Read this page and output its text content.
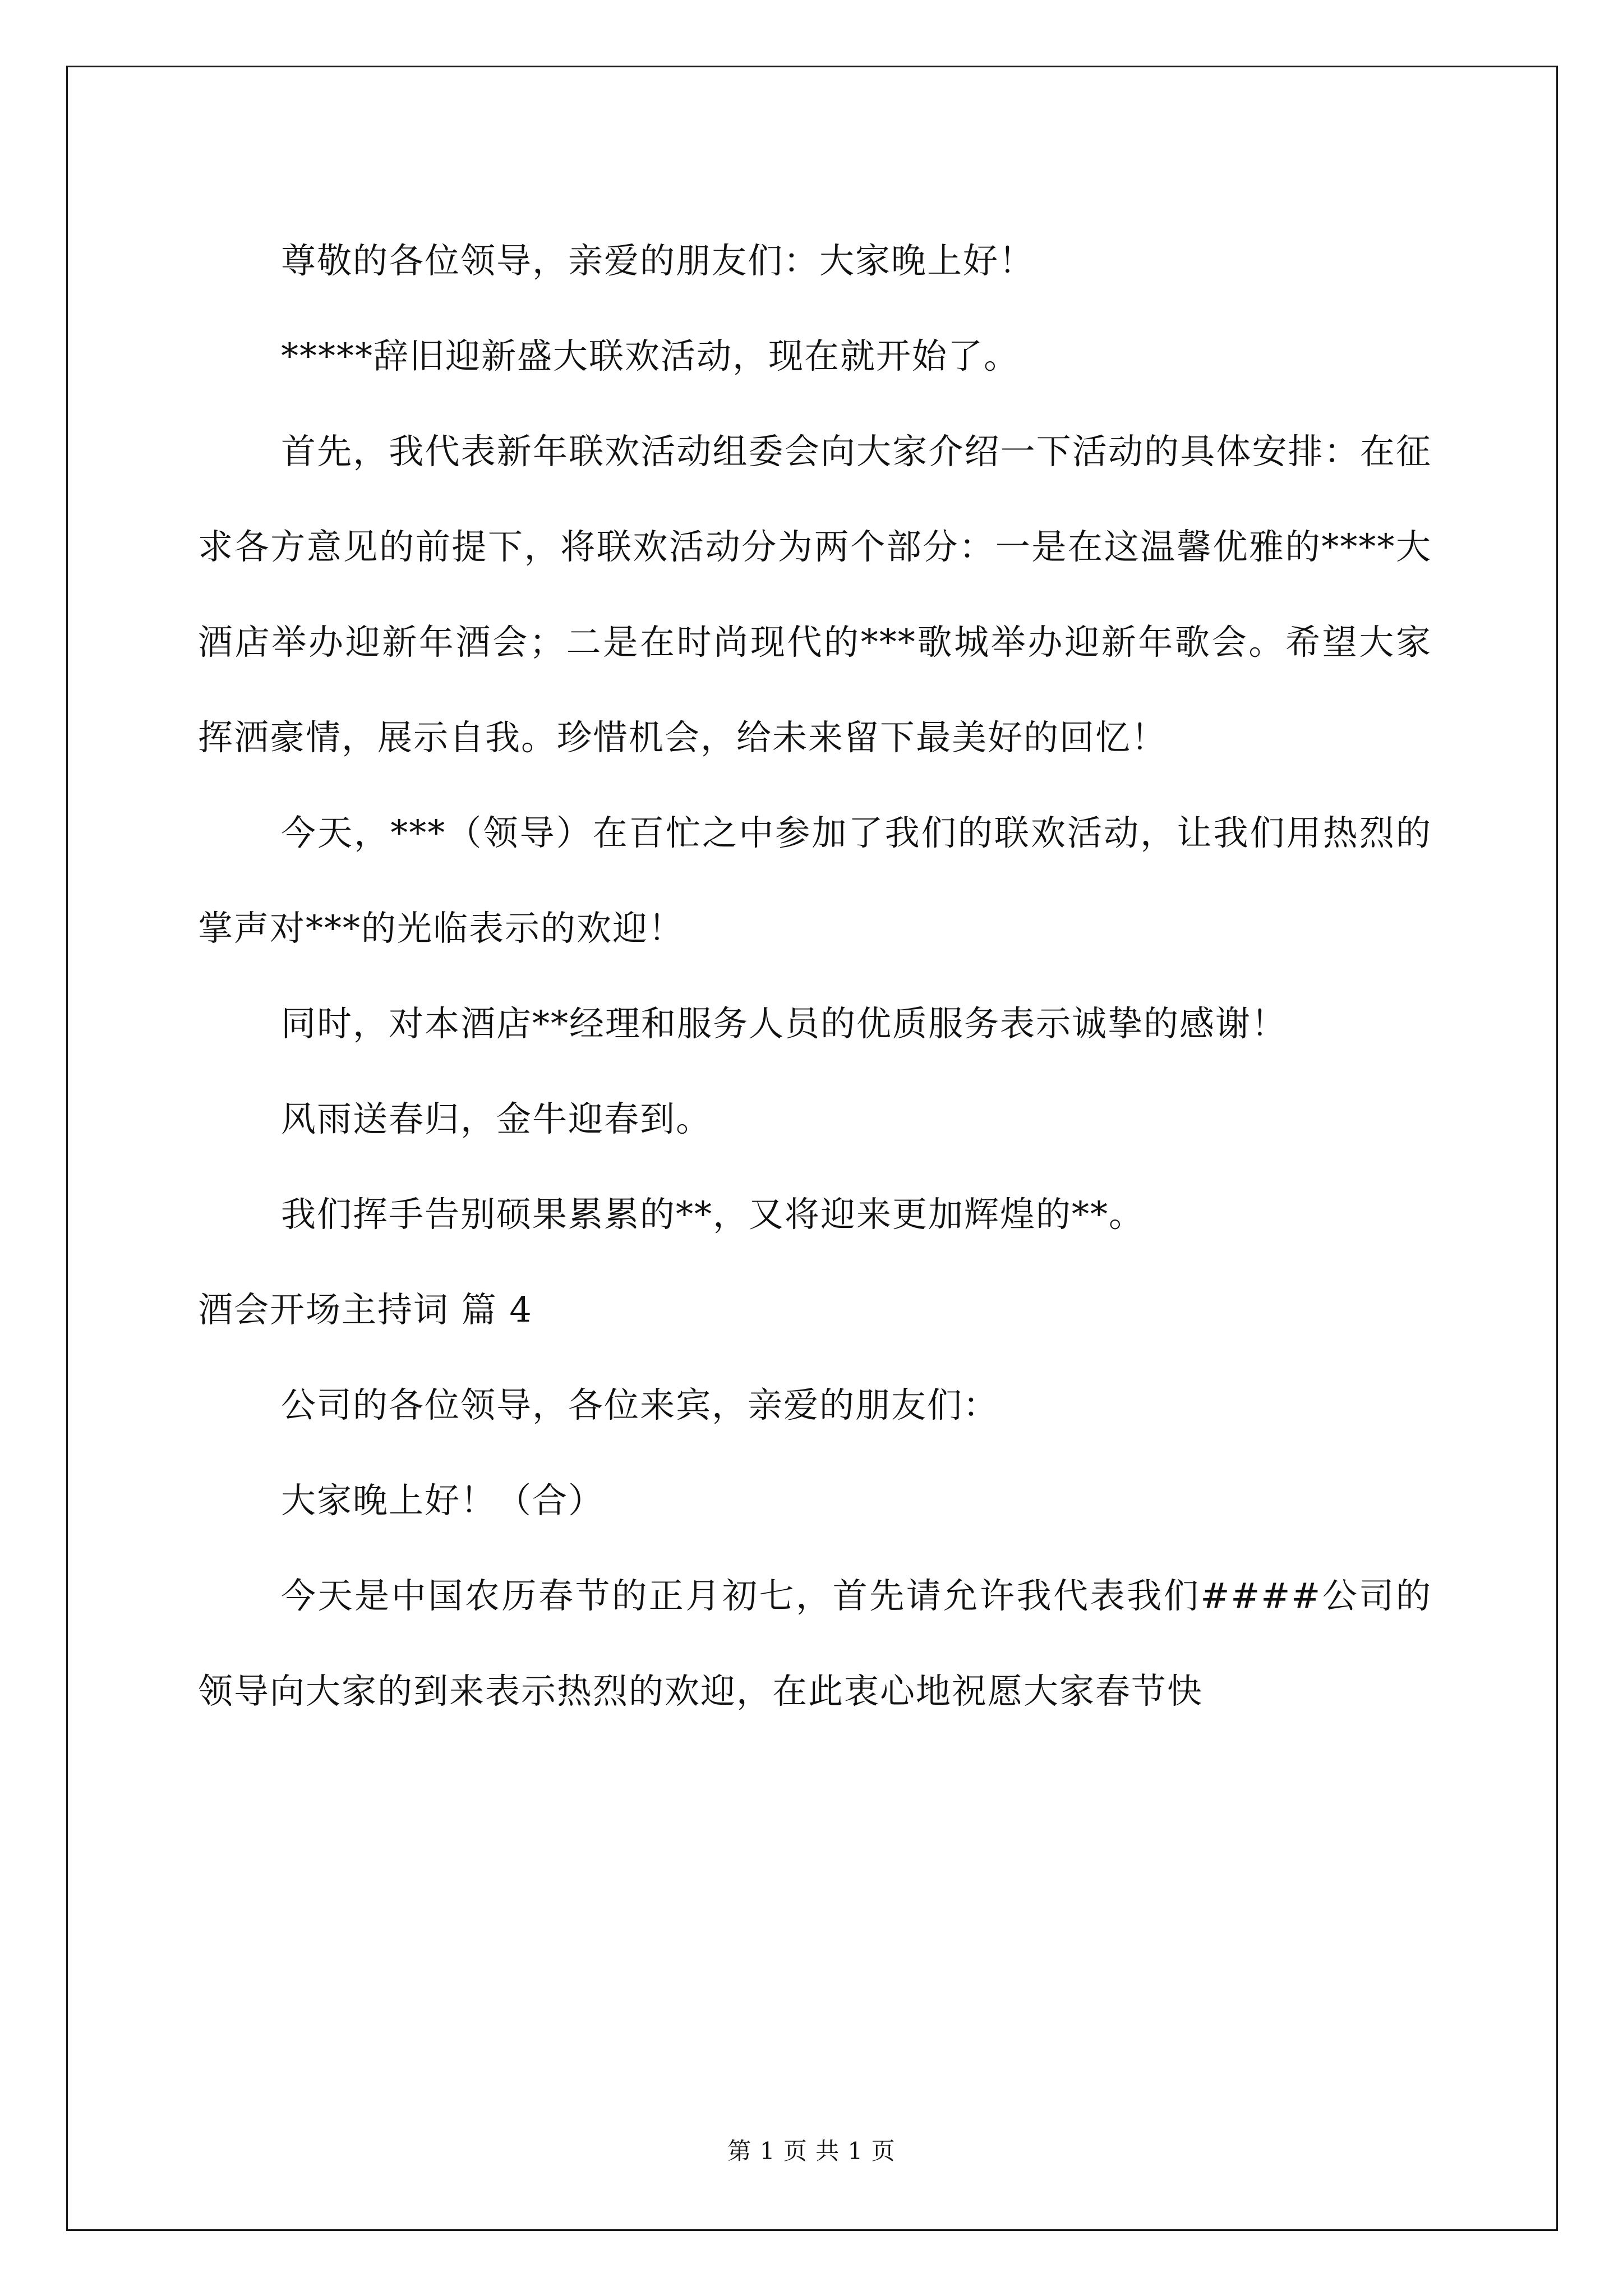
尊敬的各位领导，亲爱的朋友们：大家晚上好！

*****辞旧迎新盛大联欢活动，现在就开始了。

首先，我代表新年联欢活动组委会向大家介绍一下活动的具体安排：在征求各方意见的前提下，将联欢活动分为两个部分：一是在这温馨优雅的****大酒店举办迎新年酒会；二是在时尚现代的***歌城举办迎新年歌会。希望大家挥洒豪情，展示自我。珍惜机会，给未来留下最美好的回忆！

今天，***（领导）在百忙之中参加了我们的联欢活动，让我们用热烈的掌声对***的光临表示的欢迎！

同时，对本酒店**经理和服务人员的优质服务表示诚挚的感谢！

风雨送春归，金牛迎春到。

我们挥手告别硕果累累的**，又将迎来更加辉煌的**。

酒会开场主持词 篇 4

公司的各位领导，各位来宾，亲爱的朋友们：

大家晚上好！（合）

今天是中国农历春节的正月初七，首先请允许我代表我们####公司的领导向大家的到来表示热烈的欢迎，在此衷心地祝愿大家春节快

第 1 页 共 1 页
